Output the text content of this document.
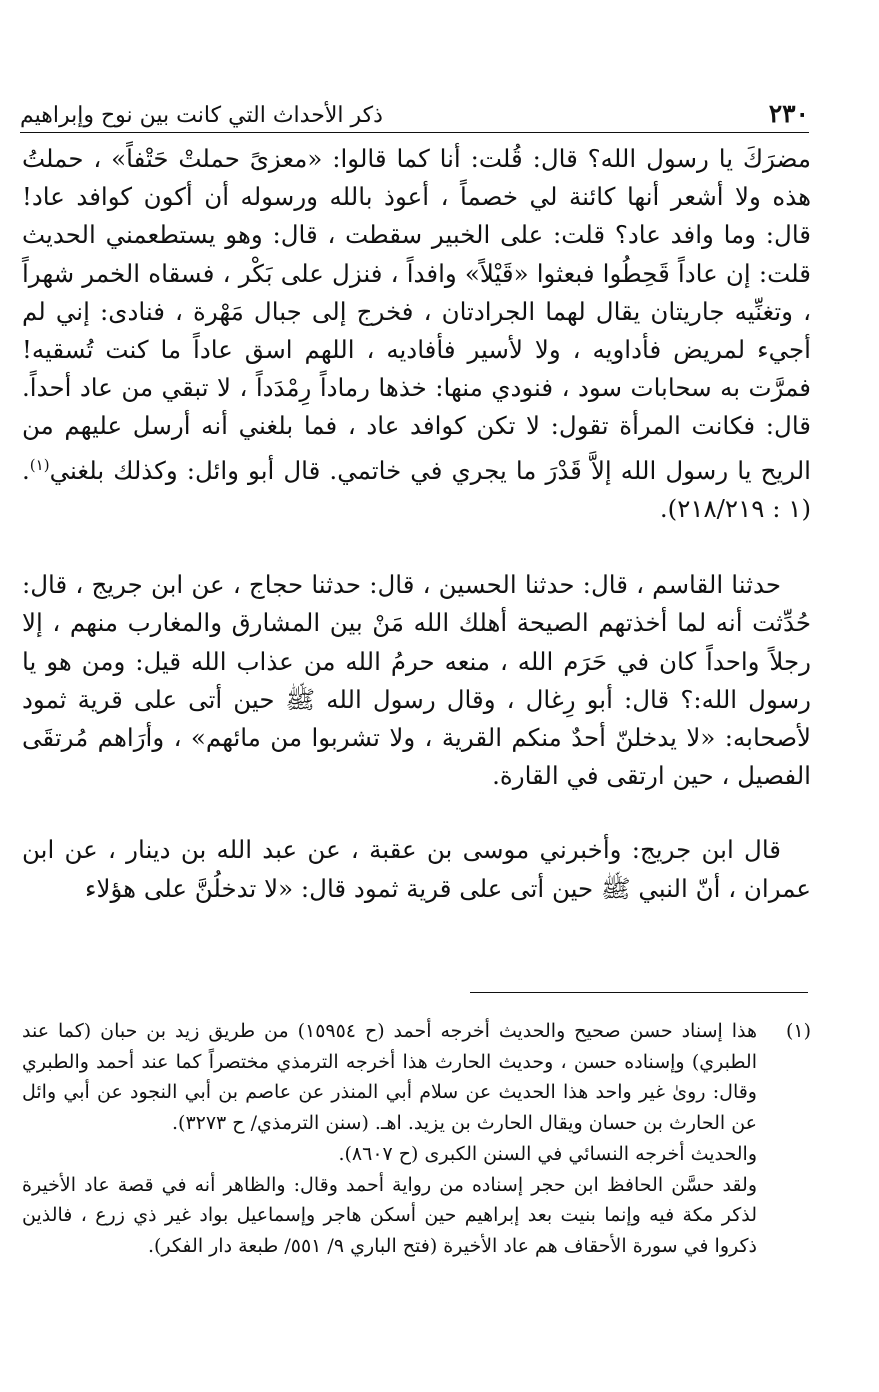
٢٣٠
ذكر الأحداث التي كانت بين نوح وإبراهيم

مضرَكَ يا رسول الله؟ قال: قُلت: أنا كما قالوا: «معزىً حملتْ حَتْفاً» ، حملتُ هذه ولا أشعر أنها كائنة لي خصماً ، أعوذ بالله ورسوله أن أكون كوافد عاد! قال: وما وافد عاد؟ قلت: على الخبير سقطت ، قال: وهو يستطعمني الحديث قلت: إن عاداً قَحِطُوا فبعثوا «قَيْلاً» وافداً ، فنزل على بَكْر ، فسقاه الخمر شهراً ، وتغنِّيه جاريتان يقال لهما الجرادتان ، فخرج إلى جبال مَهْرة ، فنادى: إني لم أجيء لمريض فأداويه ، ولا لأسير فأفاديه ، اللهم اسق عاداً ما كنت تُسقيه! فمرَّت به سحابات سود ، فنودي منها: خذها رماداً رِمْدَداً ، لا تبقي من عاد أحداً. قال: فكانت المرأة تقول: لا تكن كوافد عاد ، فما بلغني أنه أرسل عليهم من الريح يا رسول الله إلاَّ قَدْرَ ما يجري في خاتمي. قال أبو وائل: وكذلك بلغني$^{(١)}$. (١ : ٢١٨/٢١٩).

حدثنا القاسم ، قال: حدثنا الحسين ، قال: حدثنا حجاج ، عن ابن جريج ، قال: حُدِّثت أنه لما أخذتهم الصيحة أهلك الله مَنْ بين المشارق والمغارب منهم ، إلا رجلاً واحداً كان في حَرَم الله ، منعه حرمُ الله من عذاب الله قيل: ومن هو يا رسول الله:؟ قال: أبو رِغال ، وقال رسول الله ﷺ حين أتى على قرية ثمود لأصحابه: «لا يدخلنّ أحدٌ منكم القرية ، ولا تشربوا من مائهم» ، وأرَاهم مُرتقَى الفصيل ، حين ارتقى في القارة.

قال ابن جريج: وأخبرني موسى بن عقبة ، عن عبد الله بن دينار ، عن ابن عمران ، أنّ النبي ﷺ حين أتى على قرية ثمود قال: «لا تدخلُنَّ على هؤلاء

(١)

هذا إسناد حسن صحيح والحديث أخرجه أحمد (ح ١٥٩٥٤) من طريق زيد بن حبان (كما عند الطبري) وإسناده حسن ، وحديث الحارث هذا أخرجه الترمذي مختصراً كما عند أحمد والطبري وقال: روىٰ غير واحد هذا الحديث عن سلام أبي المنذر عن عاصم بن أبي النجود عن أبي وائل عن الحارث بن حسان ويقال الحارث بن يزيد. اهـ. (سنن الترمذي/ ح ٣٢٧٣).

والحديث أخرجه النسائي في السنن الكبرى (ح ٨٦٠٧).

ولقد حسَّن الحافظ ابن حجر إسناده من رواية أحمد وقال: والظاهر أنه في قصة عاد الأخيرة لذكر مكة فيه وإنما بنيت بعد إبراهيم حين أسكن هاجر وإسماعيل بواد غير ذي زرع ، فالذين ذكروا في سورة الأحقاف هم عاد الأخيرة (فتح الباري ٩/ ٥٥١/ طبعة دار الفكر).
